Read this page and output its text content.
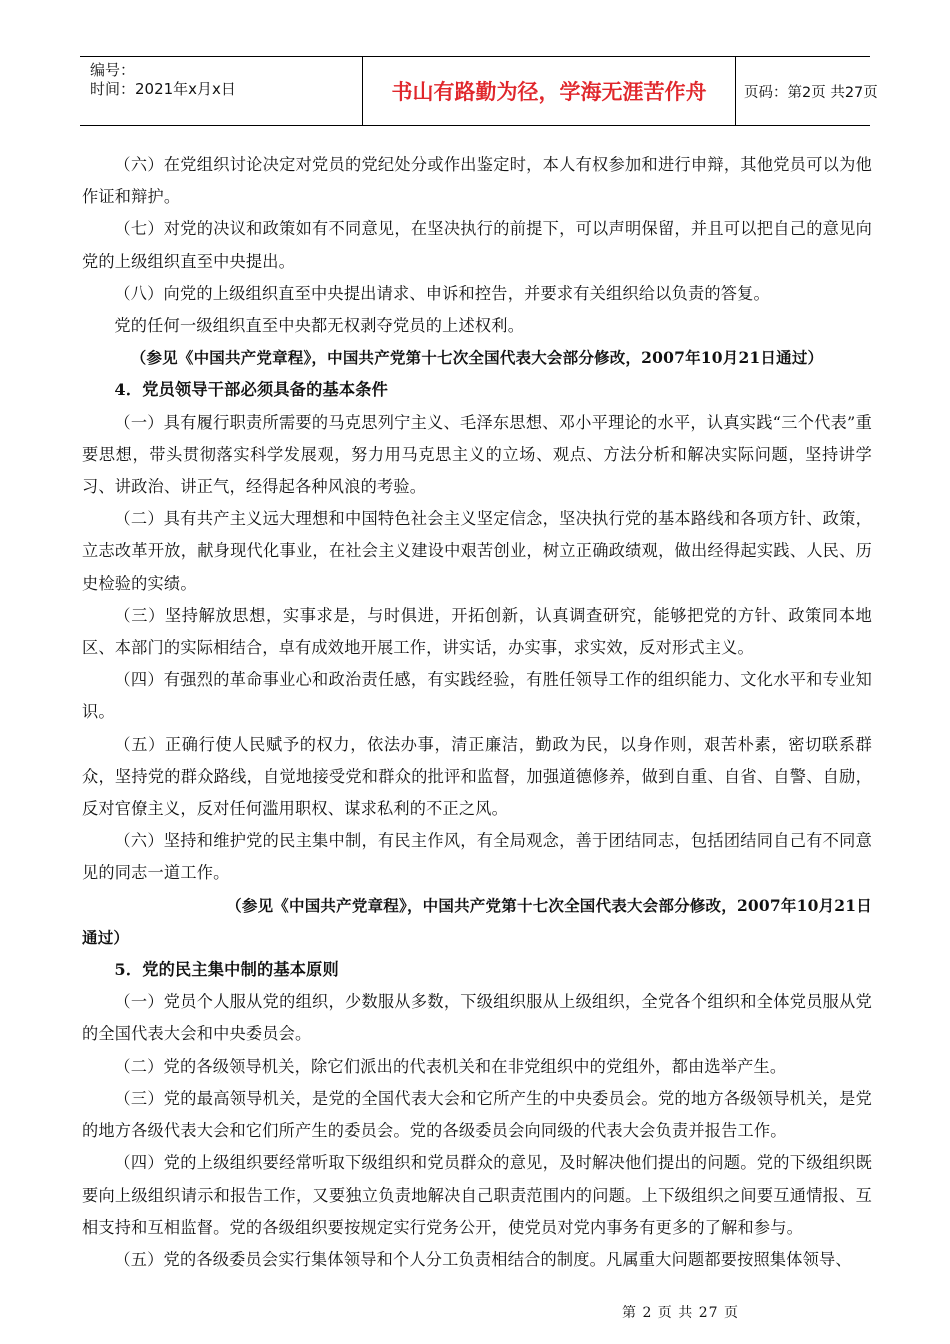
编号：
时间：2021年x月x日	书山有路勤为径，学海无涯苦作舟	页码：第2页 共27页

（六）在党组织讨论决定对党员的党纪处分或作出鉴定时，本人有权参加和进行申辩，其他党员可以为他作证和辩护。

（七）对党的决议和政策如有不同意见，在坚决执行的前提下，可以声明保留，并且可以把自己的意见向党的上级组织直至中央提出。

（八）向党的上级组织直至中央提出请求、申诉和控告，并要求有关组织给以负责的答复。

党的任何一级组织直至中央都无权剥夺党员的上述权利。

（参见《中国共产党章程》，中国共产党第十七次全国代表大会部分修改，2007年10月21日通过）

4．党员领导干部必须具备的基本条件

（一）具有履行职责所需要的马克思列宁主义、毛泽东思想、邓小平理论的水平，认真实践“三个代表”重要思想，带头贯彻落实科学发展观，努力用马克思主义的立场、观点、方法分析和解决实际问题，坚持讲学习、讲政治、讲正气，经得起各种风浪的考验。

（二）具有共产主义远大理想和中国特色社会主义坚定信念，坚决执行党的基本路线和各项方针、政策，立志改革开放，献身现代化事业，在社会主义建设中艰苦创业，树立正确政绩观，做出经得起实践、人民、历史检验的实绩。

（三）坚持解放思想，实事求是，与时俱进，开拓创新，认真调查研究，能够把党的方针、政策同本地区、本部门的实际相结合，卓有成效地开展工作，讲实话，办实事，求实效，反对形式主义。

（四）有强烈的革命事业心和政治责任感，有实践经验，有胜任领导工作的组织能力、文化水平和专业知识。

（五）正确行使人民赋予的权力，依法办事，清正廉洁，勤政为民，以身作则，艰苦朴素，密切联系群众，坚持党的群众路线，自觉地接受党和群众的批评和监督，加强道德修养，做到自重、自省、自警、自励，反对官僚主义，反对任何滥用职权、谋求私利的不正之风。

（六）坚持和维护党的民主集中制，有民主作风，有全局观念，善于团结同志，包括团结同自己有不同意见的同志一道工作。

（参见《中国共产党章程》，中国共产党第十七次全国代表大会部分修改，2007年10月21日通过）

5．党的民主集中制的基本原则

（一）党员个人服从党的组织，少数服从多数，下级组织服从上级组织，全党各个组织和全体党员服从党的全国代表大会和中央委员会。

（二）党的各级领导机关，除它们派出的代表机关和在非党组织中的党组外，都由选举产生。

（三）党的最高领导机关，是党的全国代表大会和它所产生的中央委员会。党的地方各级领导机关，是党的地方各级代表大会和它们所产生的委员会。党的各级委员会向同级的代表大会负责并报告工作。

（四）党的上级组织要经常听取下级组织和党员群众的意见，及时解决他们提出的问题。党的下级组织既要向上级组织请示和报告工作，又要独立负责地解决自己职责范围内的问题。上下级组织之间要互通情报、互相支持和互相监督。党的各级组织要按规定实行党务公开，使党员对党内事务有更多的了解和参与。

（五）党的各级委员会实行集体领导和个人分工负责相结合的制度。凡属重大问题都要按照集体领导、

第 2 页 共 27 页
